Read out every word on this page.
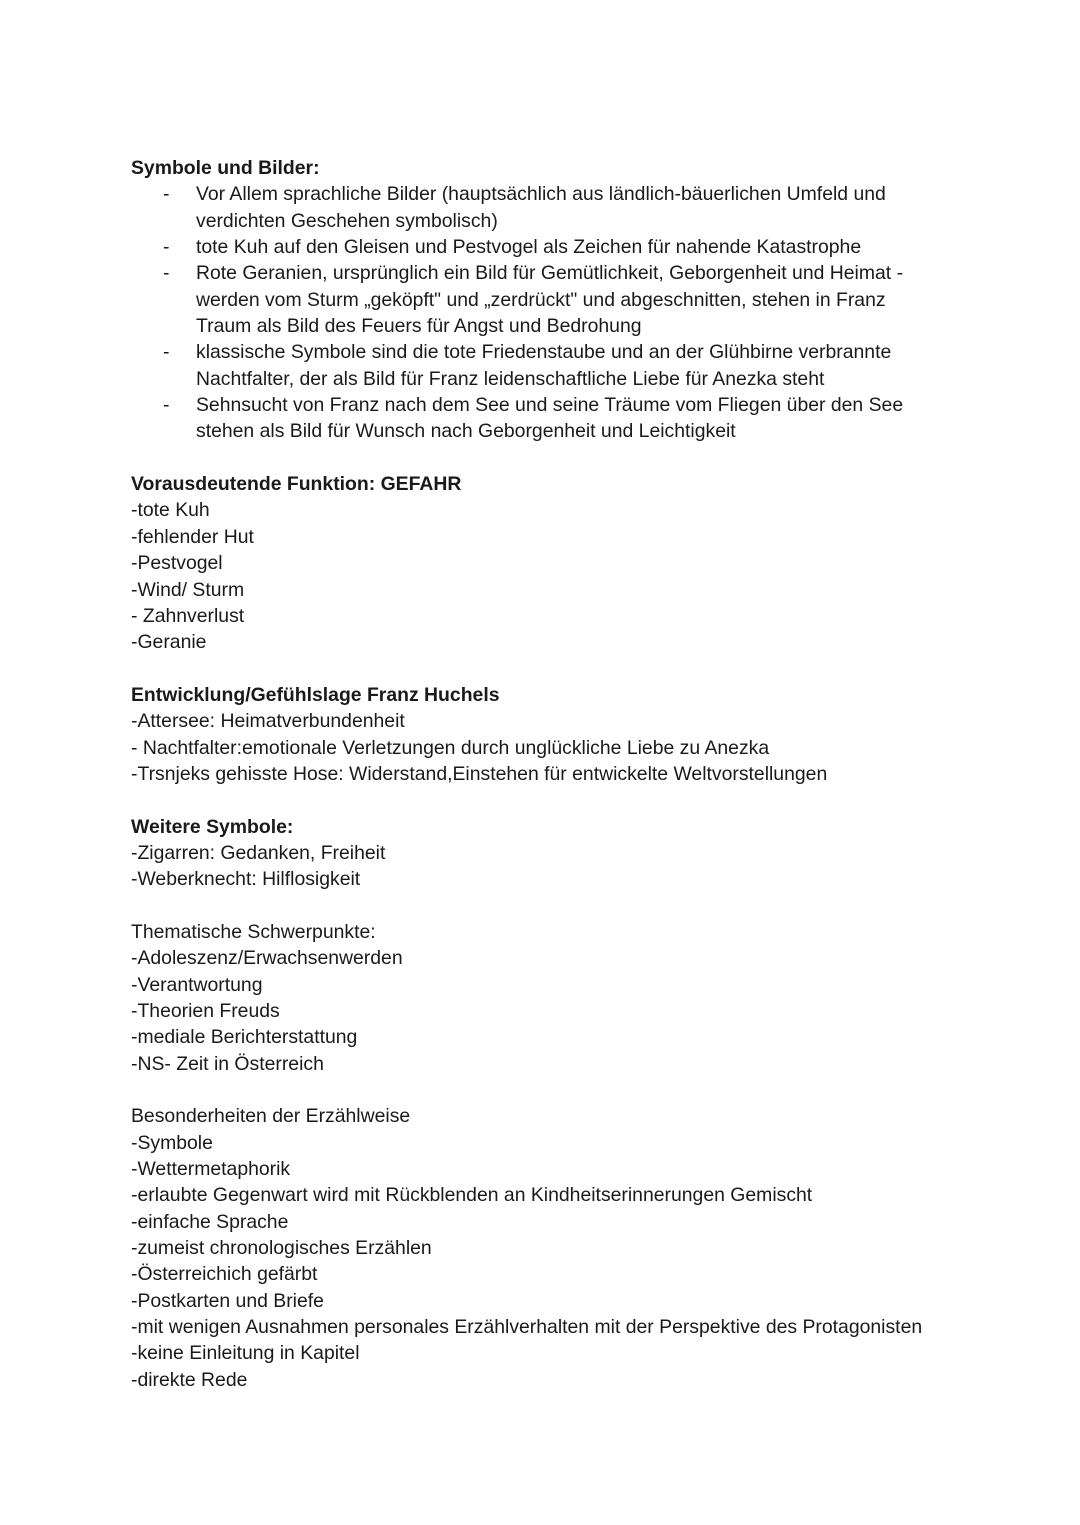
Symbole und Bilder:
- Vor Allem sprachliche Bilder (hauptsächlich aus ländlich-bäuerlichen Umfeld und verdichten Geschehen symbolisch)
- tote Kuh auf den Gleisen und Pestvogel als Zeichen für nahende Katastrophe
- Rote Geranien, ursprünglich ein Bild für Gemütlichkeit, Geborgenheit und Heimat - werden vom Sturm „geköpft" und „zerdrückt" und abgeschnitten, stehen in Franz Traum als Bild des Feuers für Angst und Bedrohung
- klassische Symbole sind die tote Friedenstaube und an der Glühbirne verbrannte Nachtfalter, der als Bild für Franz leidenschaftliche Liebe für Anezka steht
- Sehnsucht von Franz nach dem See und seine Träume vom Fliegen über den See stehen als Bild für Wunsch nach Geborgenheit und Leichtigkeit
Vorausdeutende Funktion: GEFAHR
-tote Kuh
-fehlender Hut
-Pestvogel
-Wind/ Sturm
- Zahnverlust
-Geranie
Entwicklung/Gefühlslage Franz Huchels
-Attersee: Heimatverbundenheit
- Nachtfalter:emotionale Verletzungen durch unglückliche Liebe zu Anezka
-Trsnjeks gehisste Hose: Widerstand,Einstehen für entwickelte Weltvorstellungen
Weitere Symbole:
-Zigarren: Gedanken, Freiheit
-Weberknecht: Hilflosigkeit
Thematische Schwerpunkte:
-Adoleszenz/Erwachsenwerden
-Verantwortung
-Theorien Freuds
-mediale Berichterstattung
-NS- Zeit in Österreich
Besonderheiten der Erzählweise
-Symbole
-Wettermetaphorik
-erlaubte Gegenwart wird mit Rückblenden an Kindheitserinnerungen Gemischt
-einfache Sprache
-zumeist chronologisches Erzählen
-Österreichich gefärbt
-Postkarten und Briefe
-mit wenigen Ausnahmen personales Erzählverhalten mit der Perspektive des Protagonisten
-keine Einleitung in Kapitel
-direkte Rede
